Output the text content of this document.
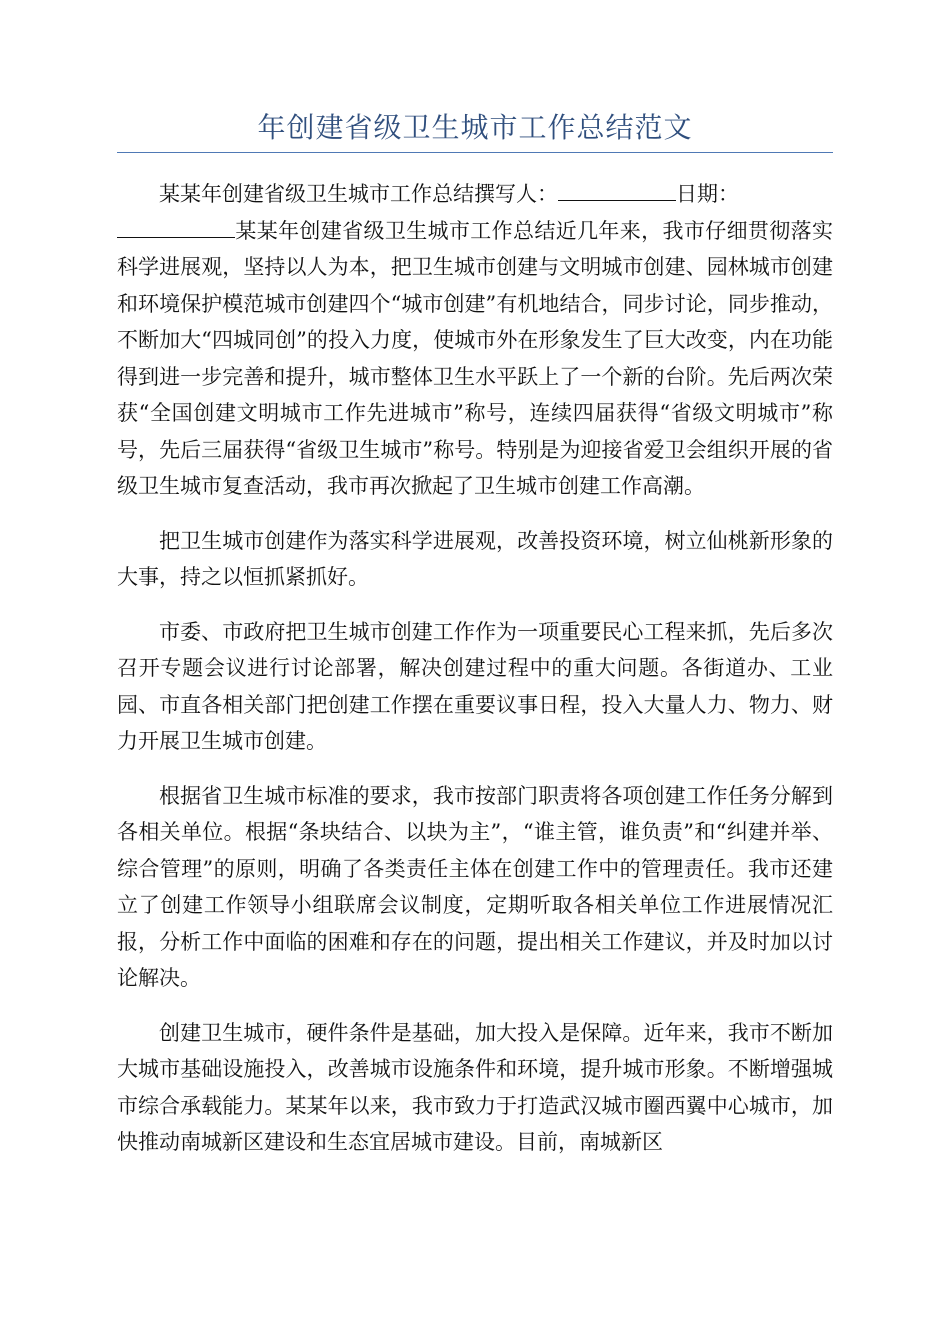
年创建省级卫生城市工作总结范文

某某年创建省级卫生城市工作总结撰写人：	日期：
某某年创建省级卫生城市工作总结近几年来，我市仔细贯彻落实科学进展观，坚持以人为本，把卫生城市创建与文明城市创建、园林城市创建和环境保护模范城市创建四个“城市创建”有机地结合，同步讨论，同步推动，不断加大“四城同创”的投入力度，使城市外在形象发生了巨大改变，内在功能得到进一步完善和提升，城市整体卫生水平跃上了一个新的台阶。先后两次荣获“全国创建文明城市工作先进城市”称号，连续四届获得“省级文明城市”称号，先后三届获得“省级卫生城市”称号。特别是为迎接省爱卫会组织开展的省级卫生城市复查活动，我市再次掀起了卫生城市创建工作高潮。

把卫生城市创建作为落实科学进展观，改善投资环境，树立仙桃新形象的大事，持之以恒抓紧抓好。

市委、市政府把卫生城市创建工作作为一项重要民心工程来抓，先后多次召开专题会议进行讨论部署，解决创建过程中的重大问题。各街道办、工业园、市直各相关部门把创建工作摆在重要议事日程，投入大量人力、物力、财力开展卫生城市创建。

根据省卫生城市标准的要求，我市按部门职责将各项创建工作任务分解到各相关单位。根据“条块结合、以块为主”，“谁主管，谁负责”和“纠建并举、综合管理”的原则，明确了各类责任主体在创建工作中的管理责任。我市还建立了创建工作领导小组联席会议制度，定期听取各相关单位工作进展情况汇报，分析工作中面临的困难和存在的问题，提出相关工作建议，并及时加以讨论解决。

创建卫生城市，硬件条件是基础，加大投入是保障。近年来，我市不断加大城市基础设施投入，改善城市设施条件和环境，提升城市形象。不断增强城市综合承载能力。某某年以来，我市致力于打造武汉城市圈西翼中心城市，加快推动南城新区建设和生态宜居城市建设。目前，南城新区
